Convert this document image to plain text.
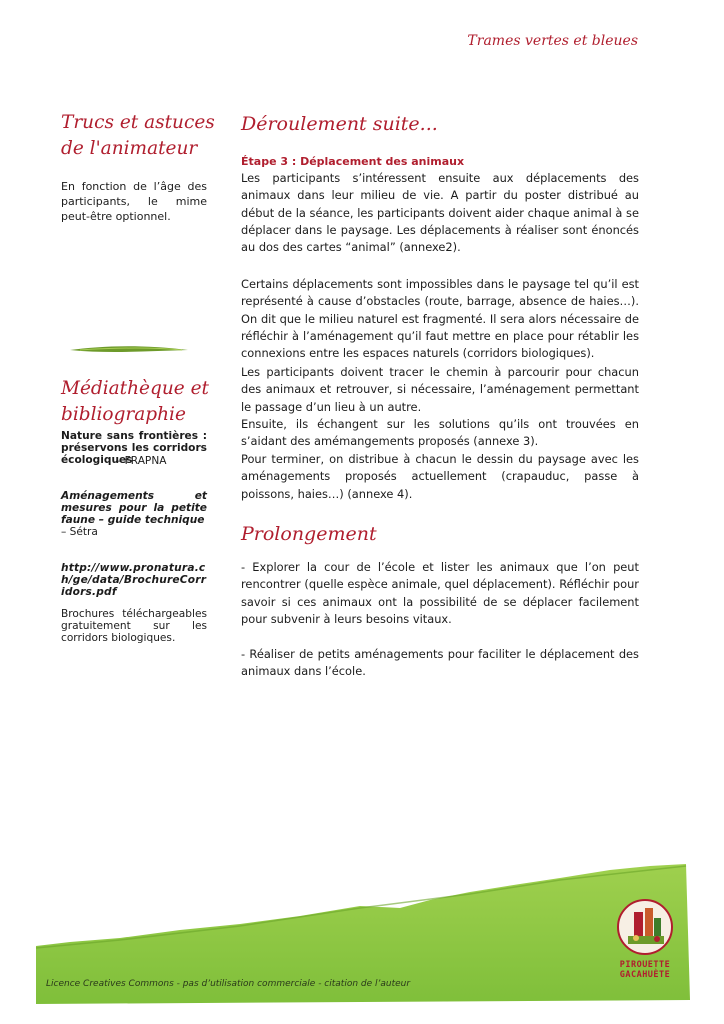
Trames vertes et bleues
Trucs et astuces
de l'animateur

En fonction de l’âge des participants, le mime peut-être optionnel.

Médiathèque et
bibliographie

Nature sans frontières : préservons les corridors écologiques

– FRAPNA

Aménagements et mesures pour la petite faune – guide technique

– Sétra

http://www.pronatura.ch/ge/data/BrochureCorridors.pdf

Brochures téléchargeables gratuitement sur les corridors biologiques.

Déroulement suite...

Étape 3 : Déplacement des animaux

Les participants s’intéressent ensuite aux déplacements des animaux dans leur milieu de vie. A partir du poster distribué au début de la séance, les participants doivent aider chaque animal à se déplacer dans le paysage. Les déplacements à réaliser sont énoncés au dos des cartes “animal” (annexe2).

Certains déplacements sont impossibles dans le paysage tel qu’il est représenté à cause d’obstacles (route, barrage, absence de haies…). On dit que le milieu naturel est fragmenté. Il sera alors nécessaire de réfléchir à l’aménagement qu’il faut mettre en place pour rétablir les connexions entre les espaces naturels (corridors biologiques).

Les participants doivent tracer le chemin à parcourir pour chacun des animaux et retrouver, si nécessaire, l’aménagement permettant le passage d’un lieu à un autre.

Ensuite, ils échangent sur les solutions qu’ils ont trouvées en s’aidant des amémangements proposés (annexe 3).

Pour terminer, on distribue à chacun le dessin du paysage avec les aménagements proposés actuellement (crapauduc, passe à poissons, haies…) (annexe 4).

Prolongement

- Explorer la cour de l’école et lister les animaux que l’on peut rencontrer (quelle espèce animale, quel déplacement). Réfléchir pour savoir si ces animaux ont la possibilité de se déplacer facilement pour subvenir à leurs besoins vitaux.

- Réaliser de petits aménagements pour faciliter le déplacement des animaux dans l’école.

Licence Creatives Commons - pas d’utilisation commerciale - citation de l’auteur
PIROUETTE
GACAHUÈTE
